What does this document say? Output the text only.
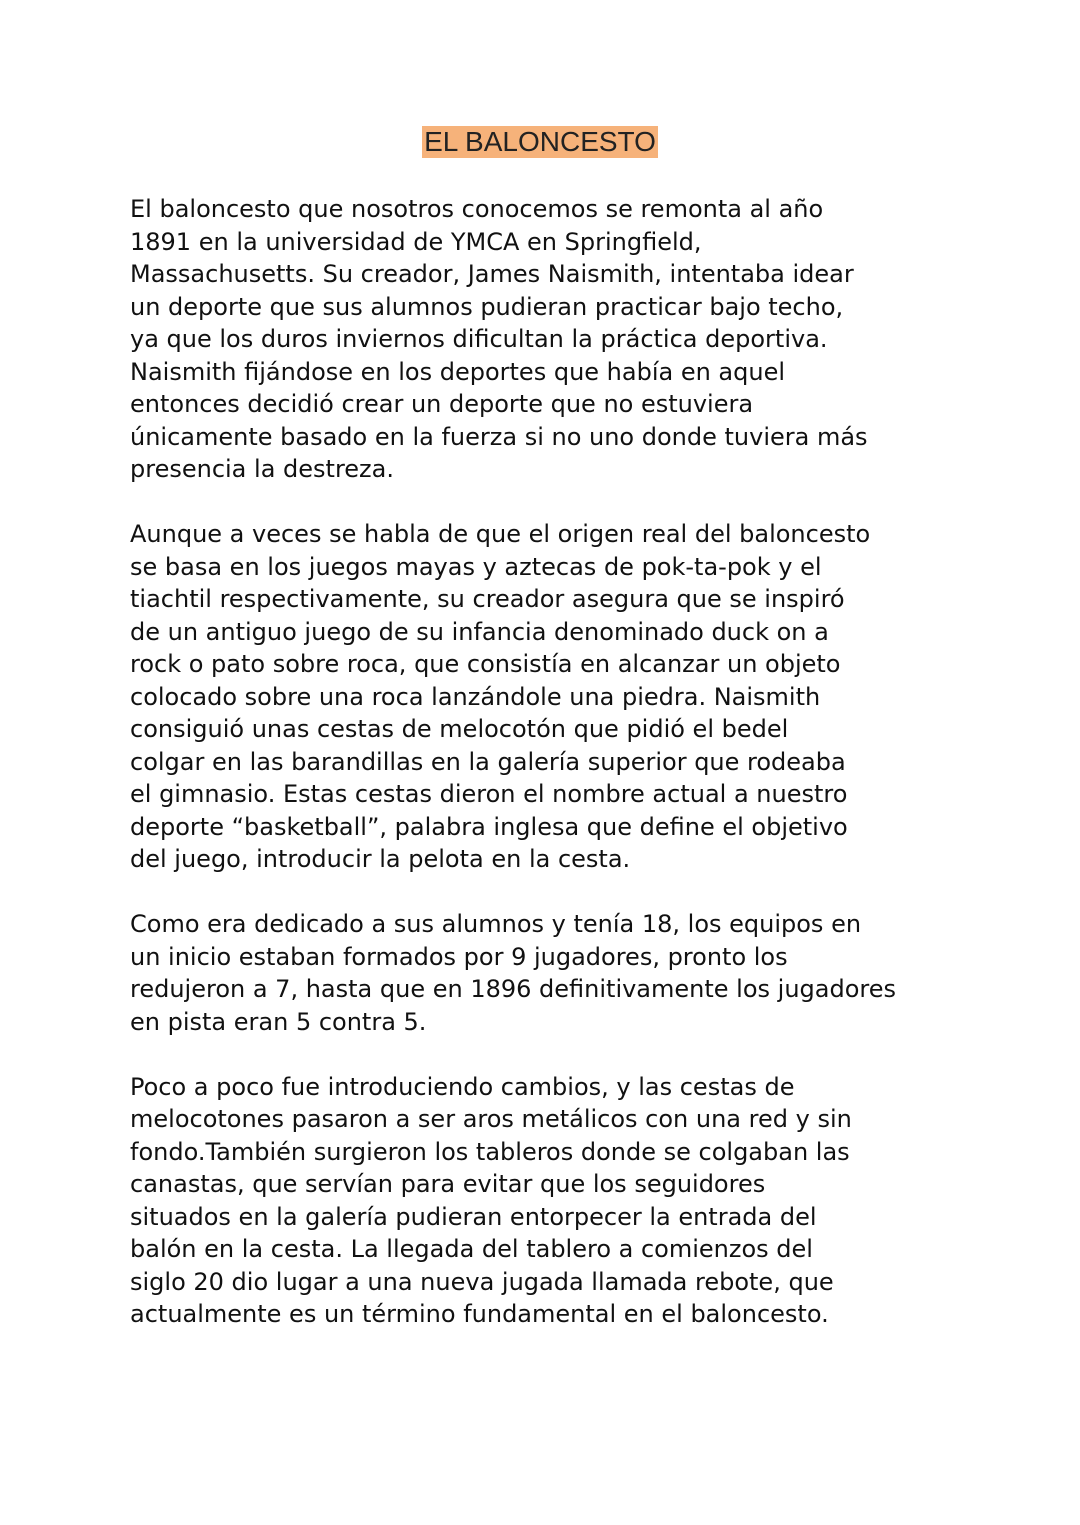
EL BALONCESTO
El baloncesto que nosotros conocemos se remonta al año
1891 en la universidad de YMCA en Springfield,
Massachusetts. Su creador, James Naismith, intentaba idear
un deporte que sus alumnos pudieran practicar bajo techo,
ya que los duros inviernos dificultan la práctica deportiva.
Naismith fijándose en los deportes que había en aquel
entonces decidió crear un deporte que no estuviera
únicamente basado en la fuerza si no uno donde tuviera más
presencia la destreza.
Aunque a veces se habla de que el origen real del baloncesto
se basa en los juegos mayas y aztecas de pok-ta-pok y el
tiachtil respectivamente, su creador asegura que se inspiró
de un antiguo juego de su infancia denominado duck on a
rock o pato sobre roca, que consistía en alcanzar un objeto
colocado sobre una roca lanzándole una piedra. Naismith
consiguió unas cestas de melocotón que pidió el bedel
colgar en las barandillas en la galería superior que rodeaba
el gimnasio. Estas cestas dieron el nombre actual a nuestro
deporte “basketball”, palabra inglesa que define el objetivo
del juego, introducir la pelota en la cesta.
Como era dedicado a sus alumnos y tenía 18, los equipos en
un inicio estaban formados por 9 jugadores, pronto los
redujeron a 7, hasta que en 1896 definitivamente los jugadores
en pista eran 5 contra 5.
Poco a poco fue introduciendo cambios, y las cestas de
melocotones pasaron a ser aros metálicos con una red y sin
fondo.También surgieron los tableros donde se colgaban las
canastas, que servían para evitar que los seguidores
situados en la galería pudieran entorpecer la entrada del
balón en la cesta. La llegada del tablero a comienzos del
siglo 20 dio lugar a una nueva jugada llamada rebote, que
actualmente es un término fundamental en el baloncesto.
